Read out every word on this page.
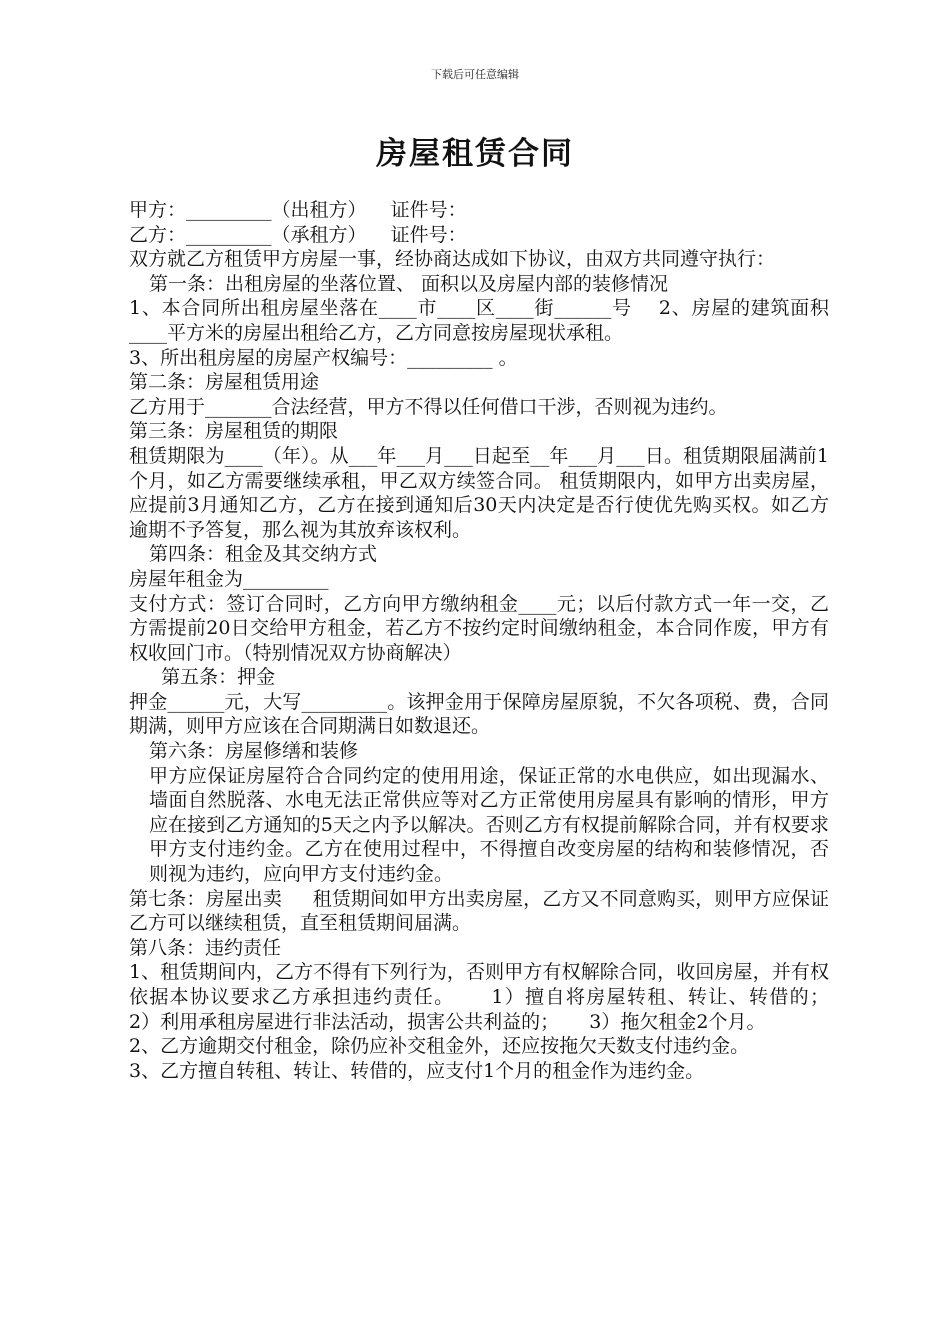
下载后可任意编辑
房屋租赁合同

甲方：_________（出租方）    证件号：

乙方：_________（承租方）    证件号：

双方就乙方租赁甲方房屋一事，经协商达成如下协议，由双方共同遵守执行：

第一条：出租房屋的坐落位置、 面积以及房屋内部的装修情况

1、本合同所出租房屋坐落在____市____区____街______号    2、房屋的建筑面积____平方米的房屋出租给乙方，乙方同意按房屋现状承租。

3、所出租房屋的房屋产权编号：_________ 。

第二条：房屋租赁用途

乙方用于_______合法经营，甲方不得以任何借口干涉，否则视为违约。

第三条：房屋租赁的期限

租赁期限为____（年）。从___年___月___日起至__年___月___日。租赁期限届满前1个月，如乙方需要继续承租，甲乙双方续签合同。 租赁期限内，如甲方出卖房屋，应提前3月通知乙方，乙方在接到通知后30天内决定是否行使优先购买权。如乙方逾期不予答复，那么视为其放弃该权利。

第四条：租金及其交纳方式

房屋年租金为_________

支付方式：签订合同时，乙方向甲方缴纳租金____元；以后付款方式一年一交，乙方需提前20日交给甲方租金，若乙方不按约定时间缴纳租金，本合同作废，甲方有权收回门市。（特别情况双方协商解决）

第五条：押金

押金______元，大写_________。该押金用于保障房屋原貌，不欠各项税、费，合同期满，则甲方应该在合同期满日如数退还。

第六条：房屋修缮和装修

甲方应保证房屋符合合同约定的使用用途，保证正常的水电供应，如出现漏水、墙面自然脱落、水电无法正常供应等对乙方正常使用房屋具有影响的情形，甲方应在接到乙方通知的5天之内予以解决。否则乙方有权提前解除合同，并有权要求甲方支付违约金。乙方在使用过程中，不得擅自改变房屋的结构和装修情况，否则视为违约，应向甲方支付违约金。

第七条：房屋出卖     租赁期间如甲方出卖房屋，乙方又不同意购买，则甲方应保证乙方可以继续租赁，直至租赁期间届满。

第八条：违约责任

1、租赁期间内，乙方不得有下列行为，否则甲方有权解除合同，收回房屋，并有权依据本协议要求乙方承担违约责任。     1）擅自将房屋转租、转让、转借的；     2）利用承租房屋进行非法活动，损害公共利益的；     3）拖欠租金2个月。

2、乙方逾期交付租金，除仍应补交租金外，还应按拖欠天数支付违约金。

3、乙方擅自转租、转让、转借的，应支付1个月的租金作为违约金。
